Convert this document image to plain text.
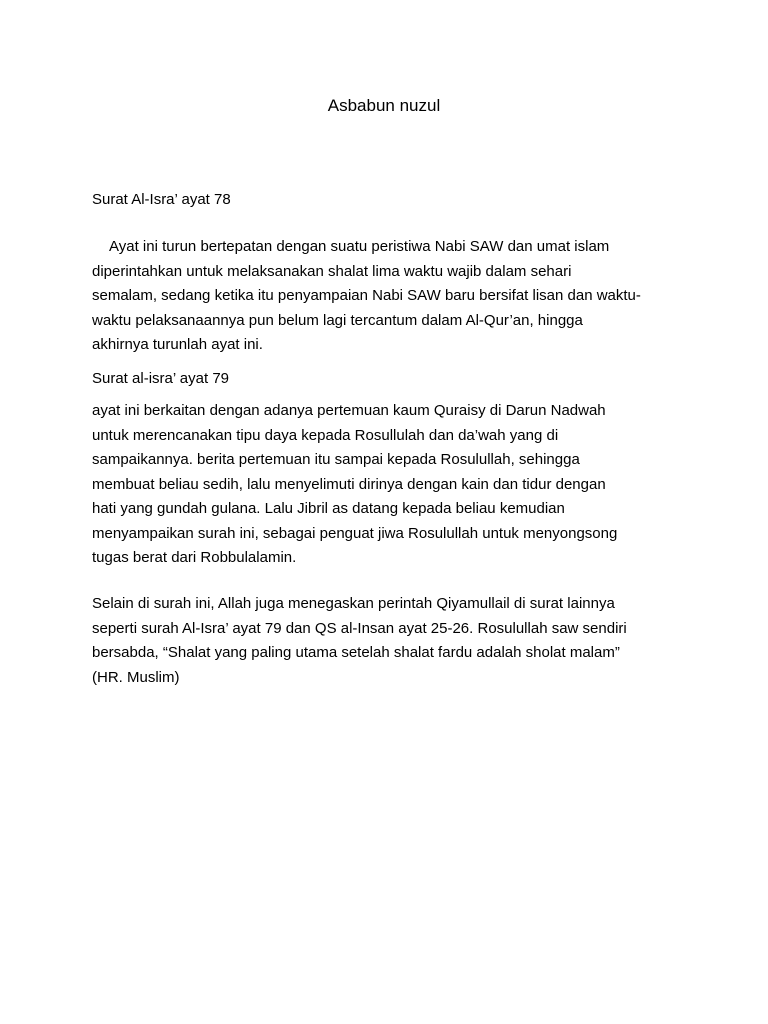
Asbabun nuzul
Surat Al-Isra’ ayat 78
Ayat ini turun bertepatan dengan suatu peristiwa Nabi SAW dan umat islam
diperintahkan untuk melaksanakan shalat lima waktu wajib dalam sehari
semalam, sedang ketika itu penyampaian Nabi SAW baru bersifat lisan dan waktu-
waktu pelaksanaannya pun belum lagi tercantum dalam Al-Qur’an, hingga
akhirnya turunlah ayat ini.
Surat al-isra’ ayat 79
ayat ini berkaitan dengan adanya pertemuan kaum Quraisy di Darun Nadwah
untuk merencanakan tipu daya kepada Rosullulah dan da’wah yang di
sampaikannya. berita pertemuan itu sampai kepada Rosulullah, sehingga
membuat beliau sedih, lalu menyelimuti dirinya dengan kain dan tidur dengan
hati yang gundah gulana. Lalu Jibril as datang kepada beliau kemudian
menyampaikan surah ini, sebagai penguat jiwa Rosulullah untuk menyongsong
tugas berat dari Robbulalamin.
Selain di surah ini, Allah juga menegaskan perintah Qiyamullail di surat lainnya
seperti surah Al-Isra’ ayat 79 dan QS al-Insan ayat 25-26. Rosulullah saw sendiri
bersabda, “Shalat yang paling utama setelah shalat fardu adalah sholat malam”
(HR. Muslim)
